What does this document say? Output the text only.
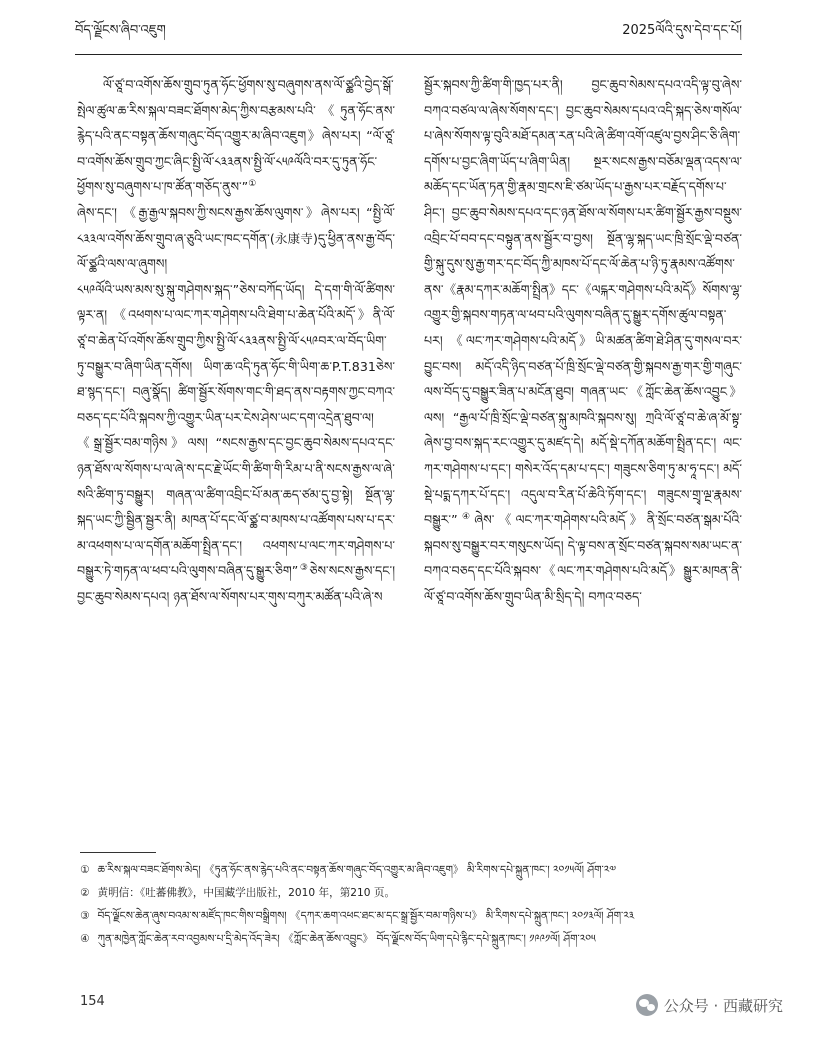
བོད་ལྗོངས་ཞིབ་འཇུག	2025ལོའི་དུས་དེབ་དང་པོ།

ལོ་ཙཱ་བ་འགོས་ཆོས་གྲུབ་ཏུན་ཧོང་ཕྱོགས་སུ་བཞུགས་ནས་ལོ་ཙྪའི་བྱེད་སྒོ་སྤེལ་ཚུལ་ཆ་རིས་སྐལ་བཟང་ཐོགས་མེད་ཀྱིས་བརྩམས་པའི་《ཏུན་ཧོང་ནས་རྙེད་པའི་ནང་བསྟན་ཆོས་གཞུང་བོད་འགྱུར་མ་ཞིབ་འཇུག》ཞེས་པར། “ལོ་ཙཱ་བ་འགོས་ཆོས་གྲུབ་ཀྱང་ཞིང་སྤྱི་ལོ་༨༣༣ནས་སྤྱི་ལོ་༨༥༩ལོའི་བར་དུ་ཏུན་ཧོང་ཕྱོགས་སུ་བཞུགས་པ་ཁ་ཚོན་གཅོད་ནུས་”①

ཞེས་དང་། 《རྒྱ་རྒྱལ་སྐབས་ཀྱི་སངས་རྒྱས་ཆོས་ལུགས་》ཞེས་པར། “སྤྱི་ལོ་༨༣༣ལ་འགོས་ཆོས་གྲུབ་ཞ་ཅུའི་ཡང་ཁང་དགོན་(永康寺)དུ་ཕྱིན་ནས་རྒྱ་བོད་ལོ་ཙྪའི་ལས་ལ་ཞུགས།

༨༥༩ལོའི་ཡས་མས་སུ་སྐུ་གཤེགས་སྐད་”ཅེས་བཀོད་ཡོད། དེ་དག་གི་ལོ་ཚིགས་ལྟར་ན། 《འཕགས་པ་ལང་ཀར་གཤེགས་པའི་ཐེག་པ་ཆེན་པོའི་མདོ་》ནི་ལོ་ཙཱ་བ་ཆེན་པོ་འགོས་ཆོས་གྲུབ་ཀྱིས་སྤྱི་ལོ་༨༣༣ནས་སྤྱི་ལོ་༨༥༩བར་ལ་བོད་ཡིག་ཏུ་བསྒྱུར་བ་ཞིག་ཡིན་དགོས། ཡིག་ཆ་འདི་ཏུན་ཧོང་གི་ཡིག་ཆ་P.T.831ཅེས་ཐ་སྙད་དང་། བཞུ་སྣོད། ཚིག་སྦྱོར་སོགས་གང་གི་ཐད་ནས་བརྟགས་ཀྱང་བཀའ་བཅད་དང་པོའི་སྐབས་ཀྱི་འགྱུར་ཡིན་པར་ངེས་ཤེས་ཡང་དག་འདྲེན་ཐུབ་ལ། 《སྒྲ་སྦྱོར་བམ་གཉིས》ལས། “སངས་རྒྱས་དང་བྱང་ཆུབ་སེམས་དཔའ་དང་ཉན་ཐོས་ལ་སོགས་པ་ལ་ཞེ་ས་དང་རྗེ་ཡོང་གི་ཚིག་གི་རིམ་པ་ནི་སངས་རྒྱས་ལ་ཞེ་སའི་ཚིག་ཏུ་བསྒྱུར། གཞན་ལ་ཚིག་འབྲིང་པོ་མན་ཆད་ཙམ་དུ་བྱ་སྟེ། སྔོན་ལྷ་སྐད་ཡང་ཀྱི་སྦྱིན་སྦྱར་ནི། མཁན་པོ་དང་ལོ་ཙྪ་བ་མཁས་པ་འཚོགས་པས་པ་དར་མ་འཕགས་པ་ལ་དགོན་མཆོག་སྤྲིན་དང་། འཕགས་པ་ལང་ཀར་གཤེགས་པ་བསྒྱུར་ཏེ་གཏན་ལ་ཕབ་པའི་ལུགས་བཞིན་དུ་སྒྱུར་ཅིག”③ཅེས་སངས་རྒྱས་དང་། བྱང་ཆུབ་སེམས་དཔའ། ཉན་ཐོས་ལ་སོགས་པར་གུས་བཀུར་མཚོན་པའི་ཞེ་ས

སྦྱོར་སྐབས་ཀྱི་ཚིག་གི་ཁྱད་པར་ནི། བྱང་ཆུབ་སེམས་དཔའ་འདི་ལྟ་བུ་ཞེས་བཀའ་བཙལ་ལ་ཞེས་སོགས་དང་། བྱང་ཆུབ་སེམས་དཔའ་འདི་སྐད་ཅེས་གསོལ་པ་ཞེས་སོགས་ལྟ་བུའི་མཐོ་དམན་རན་པའི་ཞེ་ཚིག་འགོ་འཛུལ་བྱས་ཤིང་ཅི་ཞིག་དགོས་པ་བྱང་ཞིག་ཡོད་པ་ཞིག་ཡིན། སྔར་སངས་རྒྱས་བཅོམ་ལྡན་འདས་ལ་མཆོད་དང་ཡོན་ཏན་གྱི་རྣམ་གྲངས་ཇི་ཙམ་ཡོད་པ་རྒྱས་པར་བརྗོད་དགོས་པ་ཤིང་། བྱང་ཆུབ་སེམས་དཔའ་དང་ཉན་ཐོས་ལ་སོགས་པར་ཚིག་སྦྱོར་རྒྱས་བསྡུས་འབྲིང་པོ་བབ་དང་བསྟུན་ནས་སྦྱོར་བ་བྱས། སྔོན་ལྷ་སྐད་ཡང་ཁྲི་སྲོང་ལྡེ་བཙན་གྱི་སྐུ་དུས་སུ་རྒྱ་གར་དང་བོད་ཀྱི་མཁས་པོ་དང་ལོ་ཆེན་པ་ཉི་ཏུ་རྣམས་འཚོགས་ནས་《རྣམ་དཀར་མཆོག་སྤྲིན》དང་《ལངྐར་གཤེགས་པའི་མདོ》སོགས་ལྷ་འགྱུར་གྱི་སྐབས་གཏན་ལ་ཕབ་པའི་ལུགས་བཞིན་དུ་སྒྱུར་དགོས་ཚུལ་བསྟན་པར། 《ལང་ཀར་གཤེགས་པའི་མདོ》ཡི་མཚན་ཚིག་ཐེ་ཤིན་དུ་གསལ་བར་བྱུང་བས། མདོ་འདི་ཉིད་བཙན་པོ་ཁྲི་སྲོང་ལྡེ་བཙན་གྱི་སྐབས་རྒྱ་གར་གྱི་གཞུང་ལས་བོད་དུ་བསྒྱུར་ཟིན་པ་མངོན་ཐུབ། གཞན་ཡང་《ཀློང་ཆེན་ཆོས་འབྱུང》ལས། “རྒྱལ་པོ་ཁྲི་སྲོང་ལྡེ་བཙན་སྐུ་མཁའི་སྐབས་སུ། ཀྲའི་ལོ་ཙཱ་བ་ཆེ་ཞ་མོ་སྟྭ་ཞེས་བྱ་བས་སྐད་རང་འགྱུར་དུ་མཛད་དེ། མདོ་སྡེ་དཀོན་མཆོག་སྤྲིན་དང་། ལང་ཀར་གཤེགས་པ་དང་། གསེར་འོད་དམ་པ་དང་། གཟུངས་ཅིག་ཏུ་མ་ཧཱ་དང་། མདོ་སྡེ་པདྨ་དཀར་པོ་དང་། འདུལ་བ་རིན་པོ་ཆེའི་ཏོག་དང་། གཟུངས་གྲྭ་ལྔ་རྣམས་བསྒྱུར་”④ཞེས་《ལང་ཀར་གཤེགས་པའི་མདོ》ནི་སྲོང་བཙན་སྒམ་པོའི་སྐབས་སུ་བསྒྱུར་བར་གསུངས་ཡོད། དེ་ལྟ་བས་ན་སྲོང་བཙན་སྐབས་སམ་ཡང་ན་བཀའ་བཅད་དང་པོའི་སྐབས་《ལང་ཀར་གཤེགས་པའི་མདོ》སྒྱུར་མཁན་ནི་ལོ་ཙཱ་བ་འགོས་ཆོས་གྲུབ་ཡིན་མི་སྲིད་དེ། བཀའ་བཅད་

① ཆ་རིས་སྐལ་བཟང་ཐོགས་མེད། 《ཏུན་ཧོང་ནས་རྙེད་པའི་ནང་བསྟན་ཆོས་གཞུང་བོད་འགྱུར་མ་ཞིབ་འཇུག》 མི་རིགས་དཔེ་སྐྲུན་ཁང་། ༢༠༡༥ལོ། ཤོག་༢༧

② 黄明信：《吐蕃佛教》，中国藏学出版社，2010 年，第210 页。

③ བོད་ལྗོངས་ཆེན་ཞུས་བའམ་ས་མཛོད་ཁང་གིས་བསྒྲིགས། 《དཀར་ཆག་འཕང་ཐང་མ་དང་སྒྲ་སྦྱོར་བམ་གཉིས་པ》 མི་རིགས་དཔེ་སྐྲུན་ཁང་། ༢༠༡༣ལོ། ཤོག་༢༣

④ ཀུན་མཁྱེན་ཀློང་ཆེན་རབ་འབྱམས་པ་དྲི་མེད་འོད་ཟེར། 《ཀློང་ཆེན་ཆོས་འབྱུང》 བོད་ལྗོངས་བོད་ཡིག་དཔེ་རྙིང་དཔེ་སྐྲུན་ཁང་། ༡༩༩༡ལོ། ཤོག་༢༠༥

154	公众号 · 西藏研究
